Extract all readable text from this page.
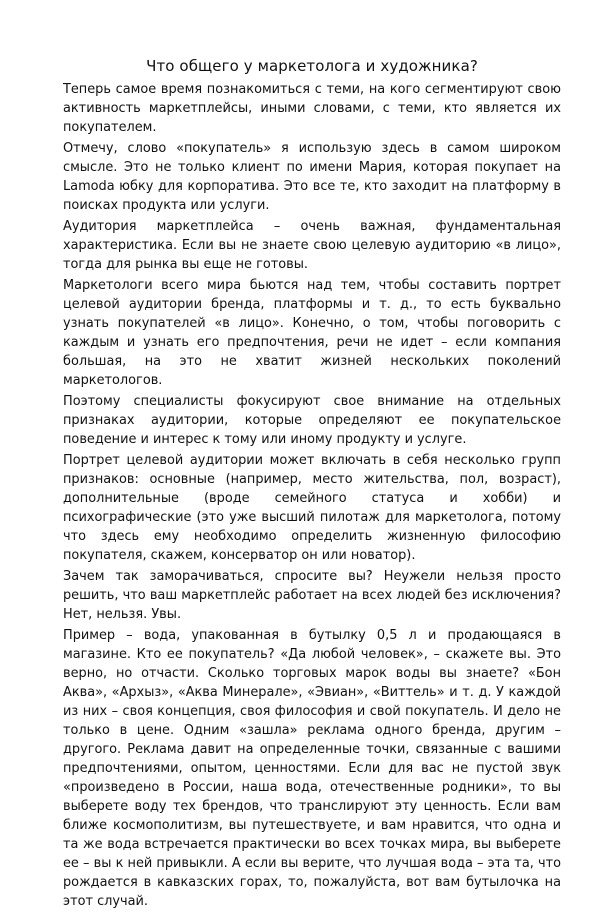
Что общего у маркетолога и художника?

Теперь самое время познакомиться с теми, на кого сегментируют свою активность маркетплейсы, иными словами, с теми, кто является их покупателем.

Отмечу, слово «покупатель» я использую здесь в самом широком смысле. Это не только клиент по имени Мария, которая покупает на Lamoda юбку для корпоратива. Это все те, кто заходит на платформу в поисках продукта или услуги.

Аудитория маркетплейса – очень важная, фундаментальная характеристика. Если вы не знаете свою целевую аудиторию «в лицо», тогда для рынка вы еще не готовы.

Маркетологи всего мира бьются над тем, чтобы составить портрет целевой аудитории бренда, платформы и т. д., то есть буквально узнать покупателей «в лицо». Конечно, о том, чтобы поговорить с каждым и узнать его предпочтения, речи не идет – если компания большая, на это не хватит жизней нескольких поколений маркетологов.

Поэтому специалисты фокусируют свое внимание на отдельных признаках аудитории, которые определяют ее покупательское поведение и интерес к тому или иному продукту и услуге.

Портрет целевой аудитории может включать в себя несколько групп признаков: основные (например, место жительства, пол, возраст), дополнительные (вроде семейного статуса и хобби) и психографические (это уже высший пилотаж для маркетолога, потому что здесь ему необходимо определить жизненную философию покупателя, скажем, консерватор он или новатор).

Зачем так заморачиваться, спросите вы? Неужели нельзя просто решить, что ваш маркетплейс работает на всех людей без исключения? Нет, нельзя. Увы.

Пример – вода, упакованная в бутылку 0,5 л и продающаяся в магазине. Кто ее покупатель? «Да любой человек», – скажете вы. Это верно, но отчасти. Сколько торговых марок воды вы знаете? «Бон Аква», «Архыз», «Аква Минерале», «Эвиан», «Виттель» и т. д. У каждой из них – своя концепция, своя философия и свой покупатель. И дело не только в цене. Одним «зашла» реклама одного бренда, другим – другого. Реклама давит на определенные точки, связанные с вашими предпочтениями, опытом, ценностями. Если для вас не пустой звук «произведено в России, наша вода, отечественные родники», то вы выберете воду тех брендов, что транслируют эту ценность. Если вам ближе космополитизм, вы путешествуете, и вам нравится, что одна и та же вода встречается практически во всех точках мира, вы выберете ее – вы к ней привыкли. А если вы верите, что лучшая вода – эта та, что рождается в кавказских горах, то, пожалуйста, вот вам бутылочка на этот случай.
